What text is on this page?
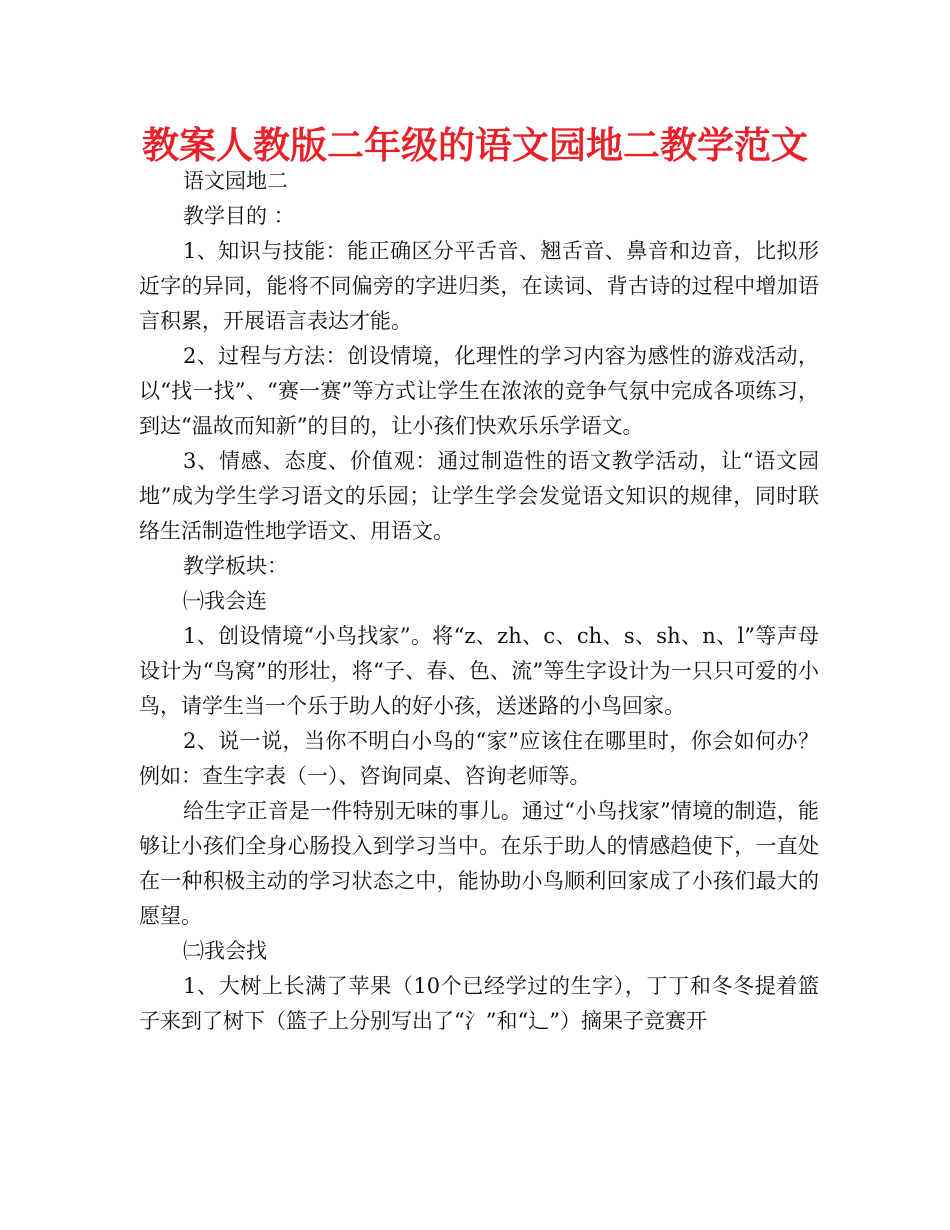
教案人教版二年级的语文园地二教学范文

语文园地二

教学目的 ：

1、知识与技能：能正确区分平舌音、翘舌音、鼻音和边音，比拟形近字的异同，能将不同偏旁的字进归类，在读词、背古诗的过程中增加语言积累，开展语言表达才能。

2、过程与方法：创设情境，化理性的学习内容为感性的游戏活动，以“找一找”、“赛一赛”等方式让学生在浓浓的竞争气氛中完成各项练习，到达“温故而知新”的目的，让小孩们快欢乐乐学语文。

3、情感、态度、价值观：通过制造性的语文教学活动，让“语文园地”成为学生学习语文的乐园；让学生学会发觉语文知识的规律，同时联络生活制造性地学语文、用语文。

教学板块：

㈠我会连

1、创设情境“小鸟找家”。将“z、zh、c、ch、s、sh、n、l”等声母设计为“鸟窝”的形壮，将“子、春、色、流”等生字设计为一只只可爱的小鸟，请学生当一个乐于助人的好小孩，送迷路的小鸟回家。

2、说一说，当你不明白小鸟的“家”应该住在哪里时，你会如何办？例如：查生字表（一）、咨询同桌、咨询老师等。

给生字正音是一件特别无味的事儿。通过“小鸟找家”情境的制造，能够让小孩们全身心肠投入到学习当中。在乐于助人的情感趋使下，一直处在一种积极主动的学习状态之中，能协助小鸟顺利回家成了小孩们最大的愿望。

㈡我会找

1、大树上长满了苹果（10个已经学过的生字），丁丁和冬冬提着篮子来到了树下（篮子上分别写出了“氵”和“辶”）摘果子竞赛开
